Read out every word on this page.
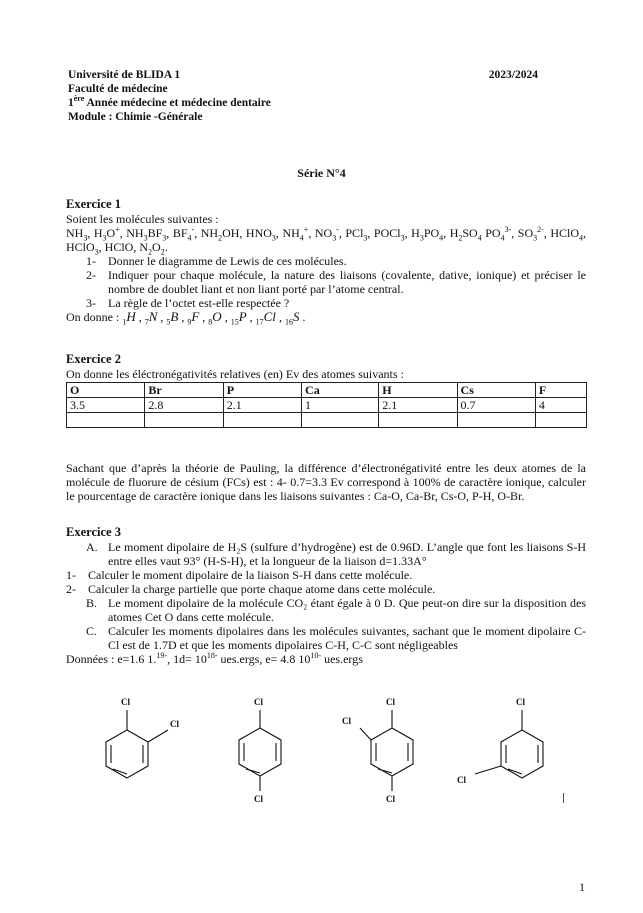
Université de BLIDA 1	2023/2024
Faculté de médecine
1ère Année médecine et médecine dentaire
Module : Chimie -Générale
Série N°4
Exercice 1
Soient les molécules suivantes :
$NH_3$, $H_3O^+$, $NH_3BF_3$, $BF_4^-$, $NH_2OH$, $HNO_3$, $NH_4^+$, $NO_3^-$, PCl$_3$, POCl$_3$, $H_3PO_4$, $H_2SO_4$ $PO_4^{3-}$, $SO_3^{2-}$, HClO$_4$, HClO$_3$, HClO, $N_2O_2$.
1-	Donner le diagramme de Lewis de ces molécules.
2-	Indiquer pour chaque molécule, la nature des liaisons (covalente, dative, ionique) et préciser le nombre de doublet liant et non liant porté par l’atome central.
3-	La règle de l’octet est-elle respectée ?
On donne : $_1$H , $_7$N , $_5$B , $_9$F , $_8$O , $_{15}$P , $_{17}$Cl , $_{16}$S .
Exercice 2
On donne les éléctronégativités relatives (en) Ev des atomes suivants :
O	Br	P	Ca	H	Cs	F
3.5	2.8	2.1	1	2.1	0.7	4

Sachant que d’après la théorie de Pauling, la différence d’électronégativité entre les deux atomes de la molécule de fluorure de césium (FCs) est : 4- 0.7=3.3 Ev correspond à 100% de caractère ionique, calculer le pourcentage de caractère ionique dans les liaisons suivantes : Ca-O, Ca-Br, Cs-O, P-H, O-Br.
Exercice 3
A. Le moment dipolaire de H₂S (sulfure d’hydrogène) est de 0.96D. L’angle que font les liaisons S-H entre elles vaut 93° (H-S-H), et la longueur de la liaison d=1.33A°
1-	Calculer le moment dipolaire de la liaison S-H dans cette molécule.
2-	Calculer la charge partielle que porte chaque atome dans cette molécule.
B. Le moment dipolaire de la molécule CO₂ étant égale à 0 D. Que peut-on dire sur la disposition des atomes Cet O dans cette molécule.
C. Calculer les moments dipolaires dans les molécules suivantes, sachant que le moment dipolaire C-Cl est de 1.7D et que les moments dipolaires C-H, C-C sont négligeables
Données : e=1.6 1.$^{19-}$, $1d= 10^{18-}$ ues.ergs, e= 4.8 $10^{10-}$ ues.ergs
Cl
Cl
Cl
Cl
Cl
Cl
Cl
Cl
Cl
1
